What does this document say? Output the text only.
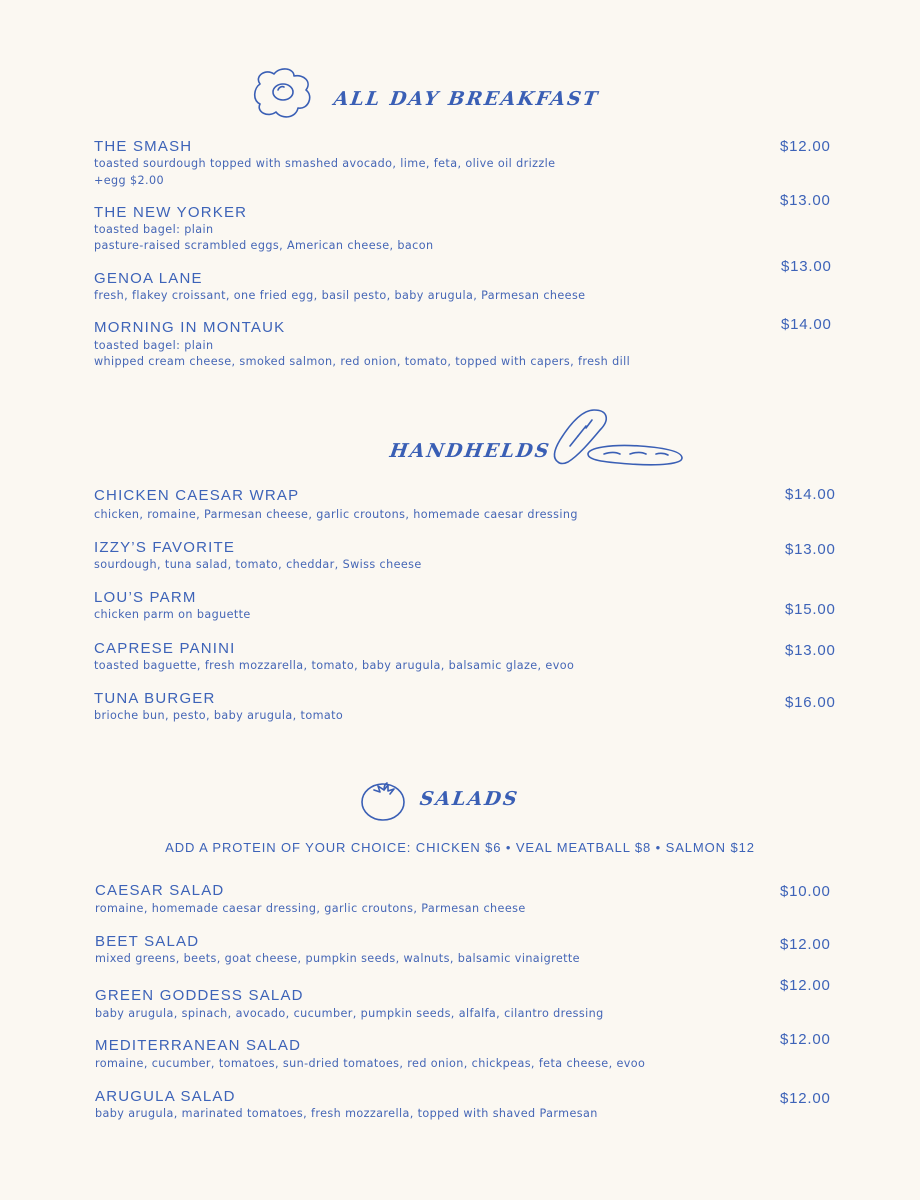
ALL DAY BREAKFAST
THE SMASH
toasted sourdough topped with smashed avocado, lime, feta, olive oil drizzle
+egg $2.00
$12.00
THE NEW YORKER
toasted bagel: plain
pasture-raised scrambled eggs, American cheese, bacon
$13.00
GENOA LANE
fresh, flakey croissant, one fried egg, basil pesto, baby arugula, Parmesan cheese
$13.00
MORNING IN MONTAUK
toasted bagel: plain
whipped cream cheese, smoked salmon, red onion, tomato, topped with capers, fresh dill
$14.00
HANDHELDS
CHICKEN CAESAR WRAP
chicken, romaine, Parmesan cheese, garlic croutons, homemade caesar dressing
$14.00
IZZY’S FAVORITE
sourdough, tuna salad, tomato, cheddar, Swiss cheese
$13.00
LOU’S PARM
chicken parm on baguette	$15.00
CAPRESE PANINI
toasted baguette, fresh mozzarella, tomato, baby arugula, balsamic glaze, evoo
$13.00
TUNA BURGER
brioche bun, pesto, baby arugula, tomato
$16.00
SALADS
ADD A PROTEIN OF YOUR CHOICE: CHICKEN $6 • VEAL MEATBALL $8 • SALMON $12
CAESAR SALAD
romaine, homemade caesar dressing, garlic croutons, Parmesan cheese
$10.00
BEET SALAD
mixed greens, beets, goat cheese, pumpkin seeds, walnuts, balsamic vinaigrette
$12.00
GREEN GODDESS SALAD
baby arugula, spinach, avocado, cucumber, pumpkin seeds, alfalfa, cilantro dressing
$12.00
MEDITERRANEAN SALAD
romaine, cucumber, tomatoes, sun-dried tomatoes, red onion, chickpeas, feta cheese, evoo
$12.00
ARUGULA SALAD
baby arugula, marinated tomatoes, fresh mozzarella, topped with shaved Parmesan
$12.00
